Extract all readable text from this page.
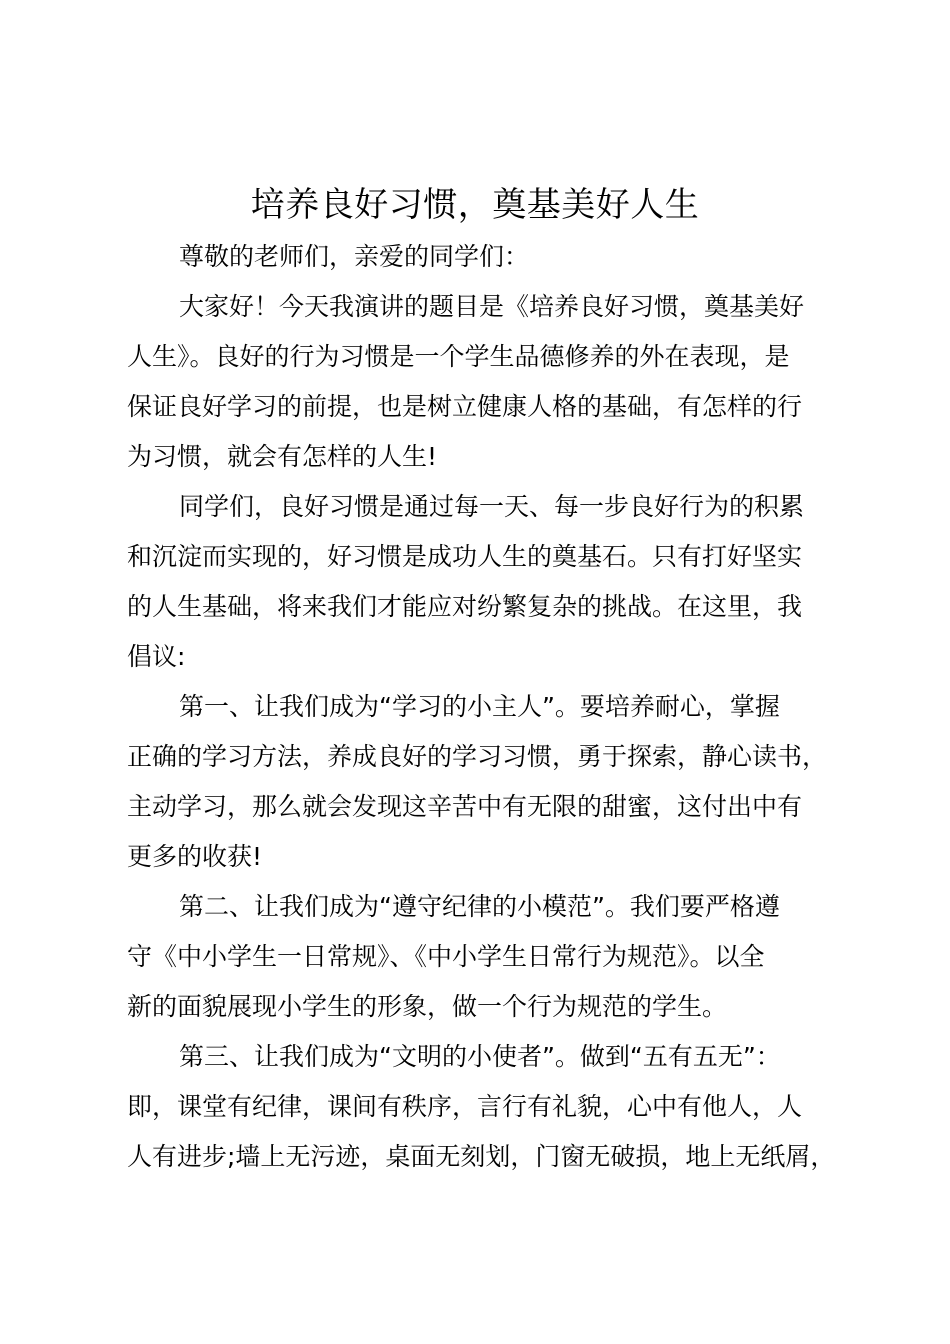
培养良好习惯，奠基美好人生
尊敬的老师们，亲爱的同学们：
大家好！今天我演讲的题目是《培养良好习惯，奠基美好
人生》。良好的行为习惯是一个学生品德修养的外在表现，是
保证良好学习的前提，也是树立健康人格的基础，有怎样的行
为习惯，就会有怎样的人生!
同学们，良好习惯是通过每一天、每一步良好行为的积累
和沉淀而实现的，好习惯是成功人生的奠基石。只有打好坚实
的人生基础，将来我们才能应对纷繁复杂的挑战。在这里，我
倡议:
第一、让我们成为“学习的小主人”。要培养耐心，掌握
正确的学习方法，养成良好的学习习惯，勇于探索，静心读书，
主动学习，那么就会发现这辛苦中有无限的甜蜜，这付出中有
更多的收获!
第二、让我们成为“遵守纪律的小模范”。我们要严格遵
守《中小学生一日常规》、《中小学生日常行为规范》。以全
新的面貌展现小学生的形象，做一个行为规范的学生。
第三、让我们成为“文明的小使者”。做到“五有五无”：
即，课堂有纪律，课间有秩序，言行有礼貌，心中有他人，人
人有进步;墙上无污迹，桌面无刻划，门窗无破损，地上无纸屑，
